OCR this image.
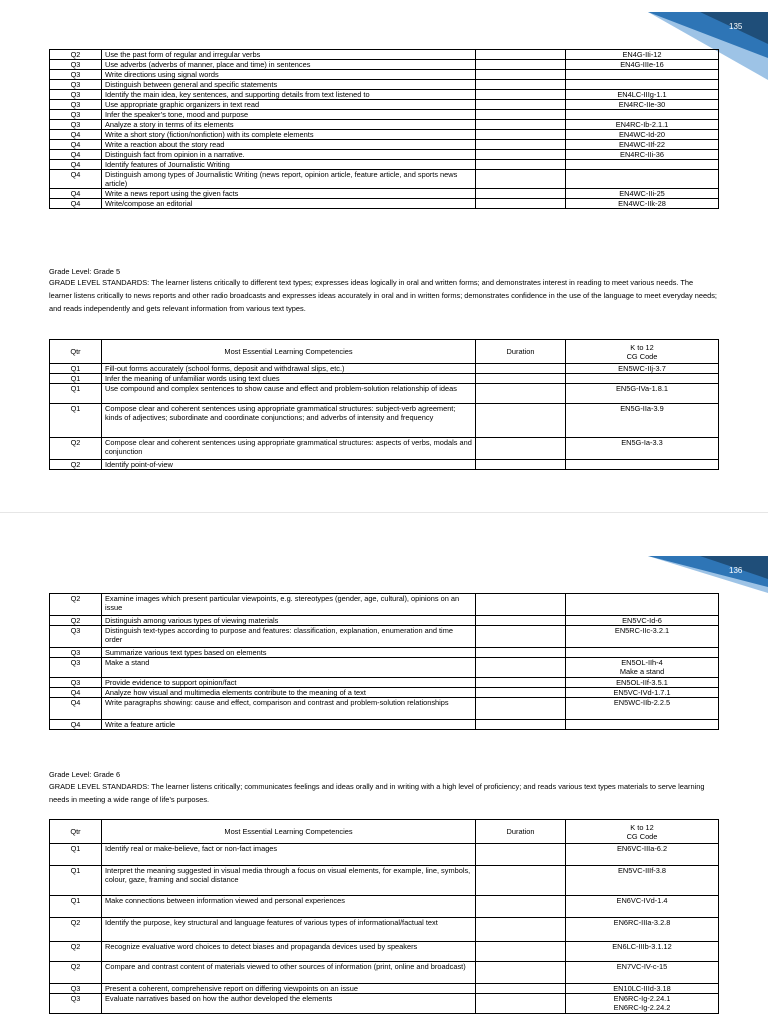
135
Q2	Use the past form of regular and irregular verbs		EN4G-IIi-12
Q3	Use adverbs (adverbs of manner, place and time) in sentences		EN4G-IIIe-16
Q3	Write directions using signal words		
Q3	Distinguish between general and specific statements		
Q3	Identify the main idea, key sentences, and supporting details from text listened to		EN4LC-IIIg-1.1
Q3	Use appropriate graphic organizers in text read		EN4RC-IIe-30
Q3	Infer the speaker’s tone, mood and purpose		
Q3	Analyze a story in terms of its elements		EN4RC-Ib-2.1.1
Q4	Write a short story (fiction/nonfiction) with its complete elements		EN4WC-Id-20
Q4	Write a reaction about the story read		EN4WC-IIf-22
Q4	Distinguish fact from opinion in a narrative.		EN4RC-IIi-36
Q4	Identify features of Journalistic Writing		
Q4	Distinguish among types of Journalistic Writing (news report, opinion article, feature article, and sports news article)		
Q4	Write a news report using the given facts		EN4WC-IIi-25
Q4	Write/compose an editorial		EN4WC-IIk-28
Grade Level: Grade 5
GRADE LEVEL STANDARDS: The learner listens critically to different text types; expresses ideas logically in oral and written forms; and demonstrates interest in reading to meet various needs. The learner listens critically to news reports and other radio broadcasts and expresses ideas accurately in oral and in written forms; demonstrates confidence in the use of the language to meet everyday needs; and reads independently and gets relevant information from various text types.
Qtr	Most Essential Learning Competencies	Duration	K to 12
CG Code

Q1	Fill-out forms accurately (school forms, deposit and withdrawal slips, etc.)		EN5WC-IIj-3.7
Q1	Infer the meaning of unfamiliar words using text clues		
Q1	Use compound and complex sentences to show cause and effect and problem-solution relationship of ideas		EN5G-IVa-1.8.1
Q1	Compose clear and coherent sentences using appropriate grammatical structures: subject-verb agreement; kinds of adjectives; subordinate and coordinate conjunctions; and adverbs of intensity and frequency		EN5G-IIa-3.9
Q2	Compose clear and coherent sentences using appropriate grammatical structures: aspects of verbs, modals and conjunction		EN5G-Ia-3.3
Q2	Identify point-of-view		
136
Q2	Examine images which present particular viewpoints, e.g. stereotypes (gender, age, cultural), opinions on an issue		
Q2	Distinguish among various types of viewing materials		EN5VC-Id-6
Q3	Distinguish text-types according to purpose and features: classification, explanation, enumeration and time order		EN5RC-IIc-3.2.1
Q3	Summarize various text types based on elements		
Q3	Make a stand		EN5OL-IIh-4
Make a stand

Q3	Provide evidence to support opinion/fact		EN5OL-IIf-3.5.1
Q4	Analyze how visual and multimedia elements contribute to the meaning of a text		EN5VC-IVd-1.7.1
Q4	Write paragraphs showing: cause and effect, comparison and contrast and problem-solution relationships		EN5WC-IIb-2.2.5
Q4	Write a feature article		
Grade Level: Grade 6
GRADE LEVEL STANDARDS: The learner listens critically; communicates feelings and ideas orally and in writing with a high level of proficiency; and reads various text types materials to serve learning needs in meeting a wide range of life’s purposes.
Qtr	Most Essential Learning Competencies	Duration	K to 12
CG Code

Q1	Identify real or make-believe, fact or non-fact images		EN6VC-IIIa-6.2
Q1	Interpret the meaning suggested in visual media through a focus on visual elements, for example, line, symbols, colour, gaze, framing and social distance		EN5VC-IIIf-3.8
Q1	Make connections between information viewed and personal experiences		EN6VC-IVd-1.4
Q2	Identify the purpose, key structural and language features of various types of informational/factual text		EN6RC-IIIa-3.2.8
Q2	Recognize evaluative word choices to detect biases and propaganda devices used by speakers		EN6LC-IIIb-3.1.12
Q2	Compare and contrast content of materials viewed to other sources of information (print, online and broadcast)		EN7VC-IV-c-15
Q3	Present a coherent, comprehensive report on differing viewpoints on an issue		EN10LC-IIId-3.18
Q3	Evaluate narratives based on how the author developed the elements		EN6RC-Ig-2.24.1
EN6RC-Ig-2.24.2
